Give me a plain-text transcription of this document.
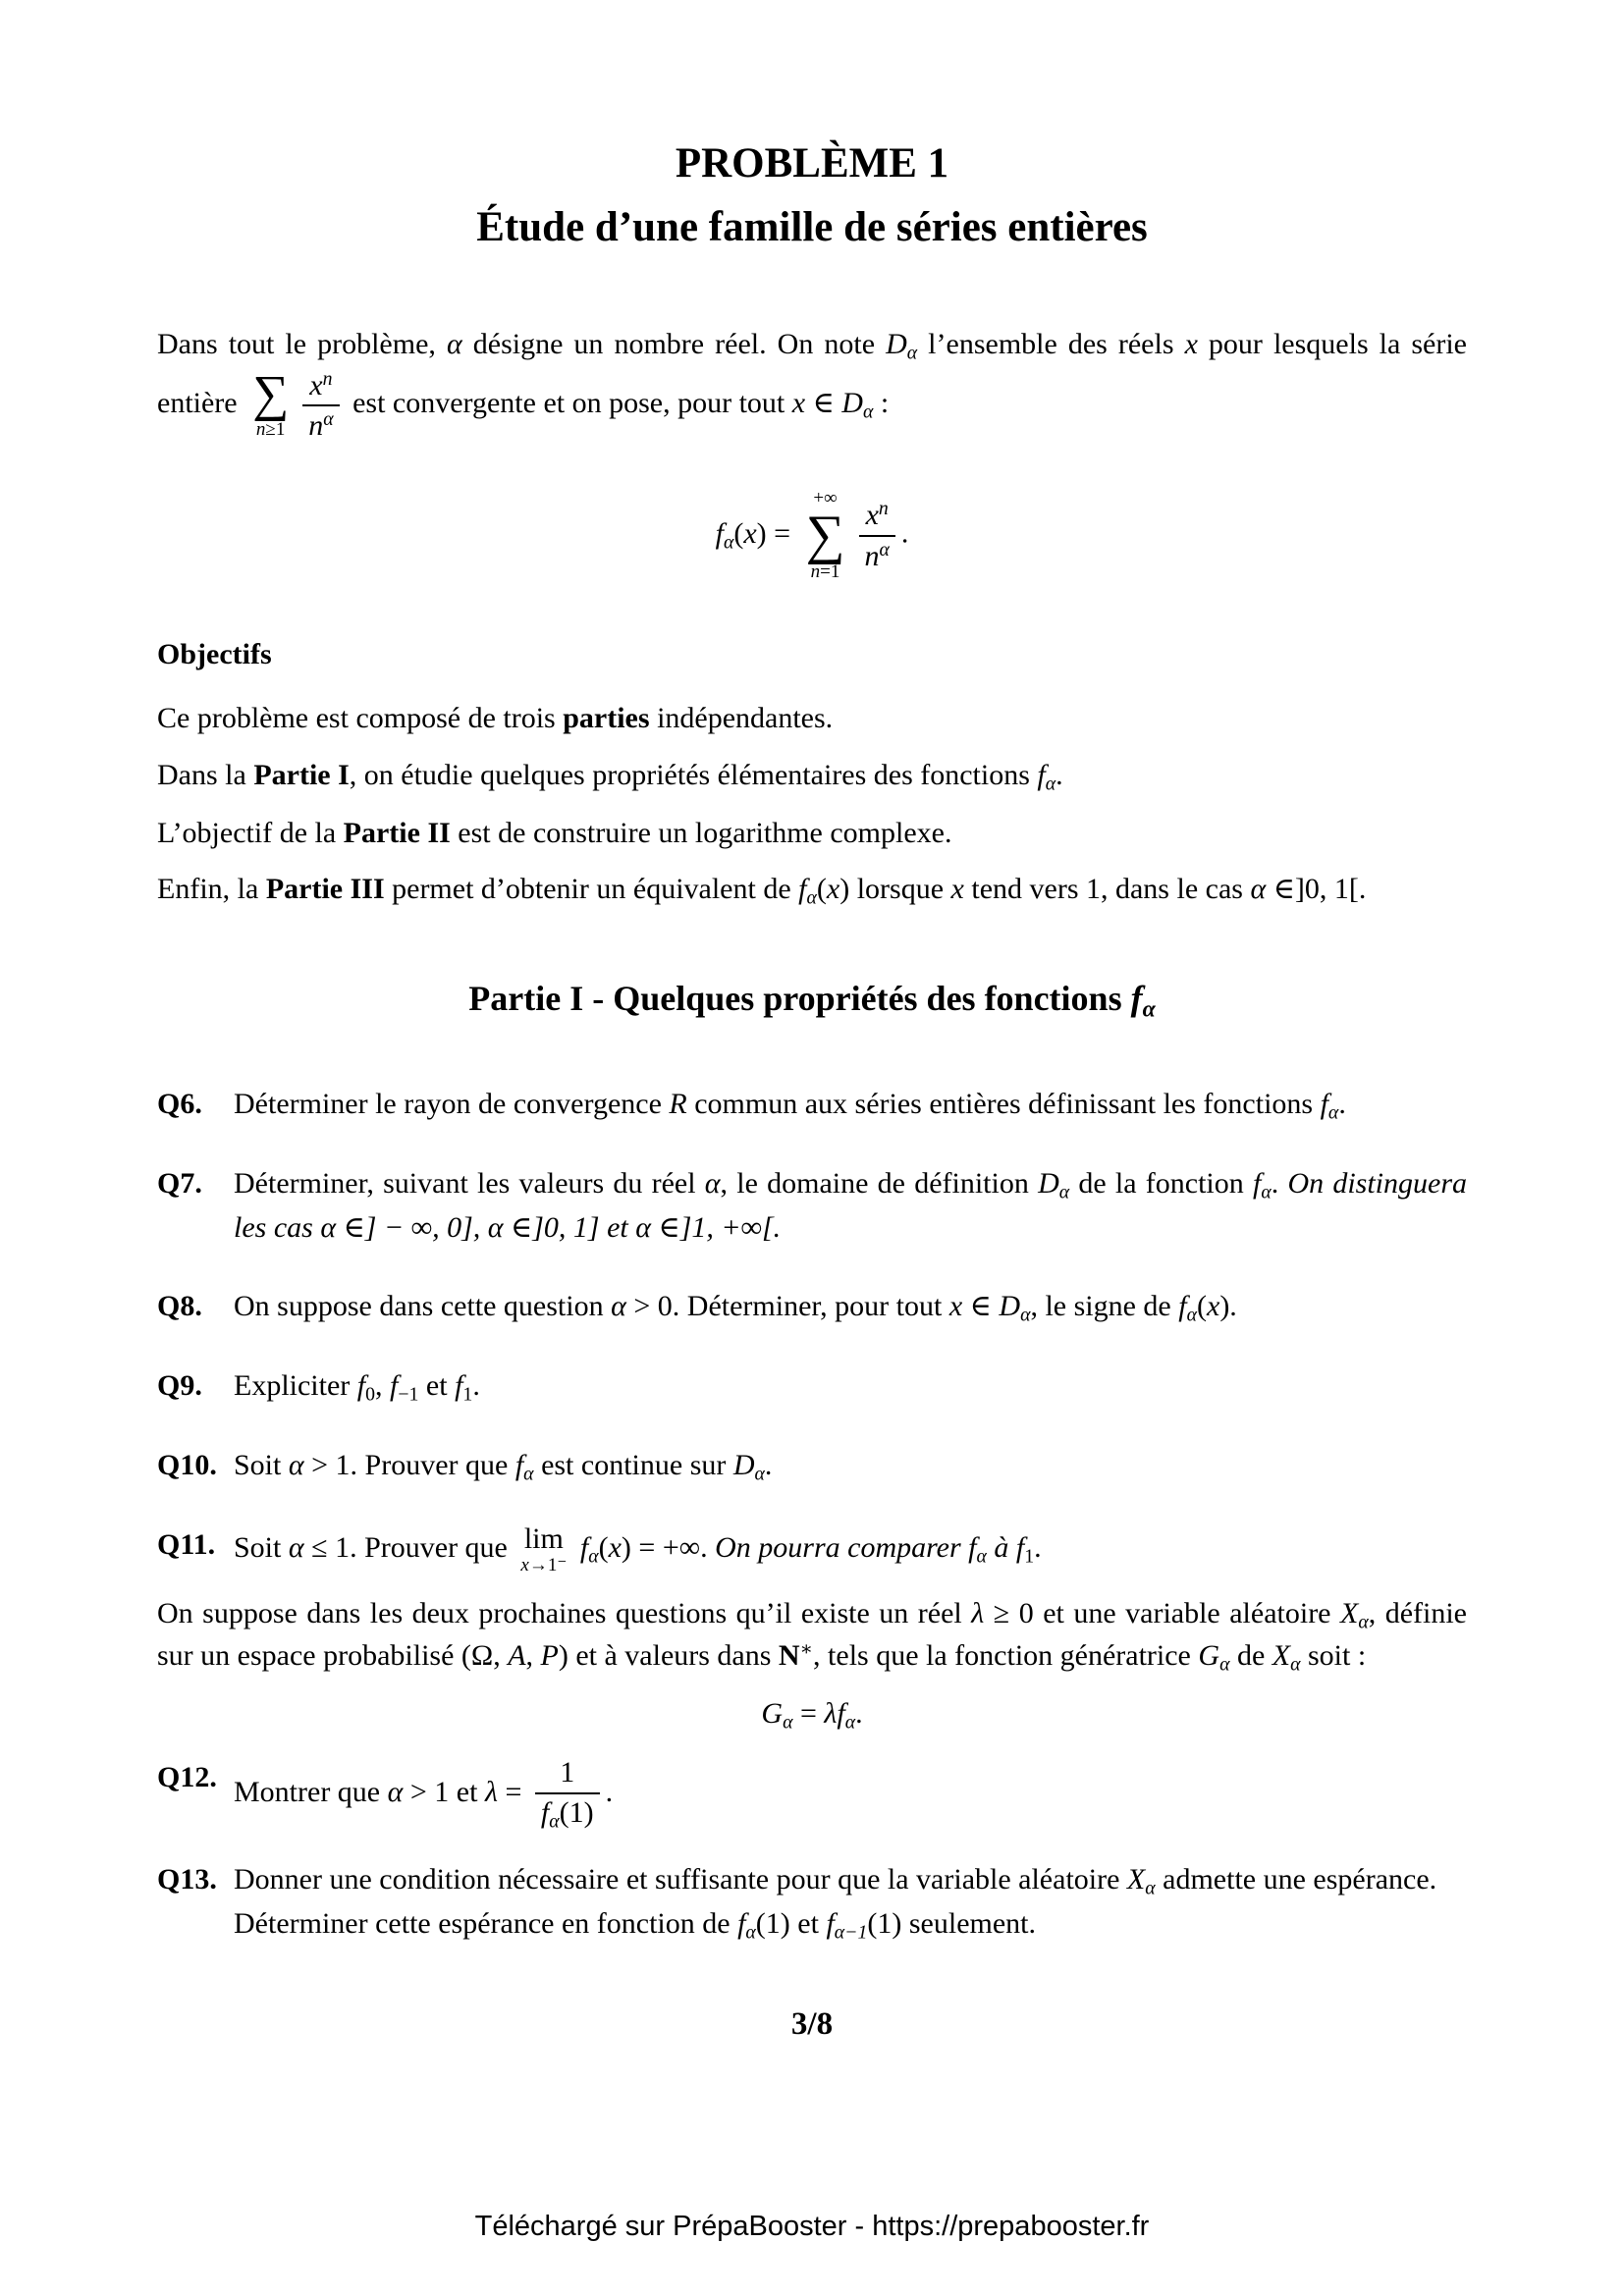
PROBLÈME 1
Étude d’une famille de séries entières

Dans tout le problème, α désigne un nombre réel. On note Dα l’ensemble des réels x pour lesquels la série entière ∑
$n\ge 1 \frac{x^n}{n^\alpha}$ est convergente et on pose, pour tout x ∈ Dα :

fα(x) =
+∞
∑
$n=1 \frac{x^n}{n^\alpha}$ .

Objectifs

Ce problème est composé de trois parties indépendantes.

Dans la Partie I, on étudie quelques propriétés élémentaires des fonctions fα.

L’objectif de la Partie II est de construire un logarithme complexe.

Enfin, la Partie III permet d’obtenir un équivalent de fα(x) lorsque x tend vers 1, dans le cas α ∈]0, 1[.

Partie I - Quelques propriétés des fonctions fα
Q6.	Déterminer le rayon de convergence R commun aux séries entières définissant les fonctions fα.
Q7.	Déterminer, suivant les valeurs du réel α, le domaine de définition Dα de la fonction fα. On distinguera les cas α ∈] − ∞, 0], α ∈]0, 1] et α ∈]1, +∞[.
Q8.	On suppose dans cette question α > 0. Déterminer, pour tout x ∈ Dα, le signe de fα(x).
Q9.	Expliciter f0, f−1 et f1.
Q10. Soit α > 1. Prouver que fα est continue sur Dα.
Q11. Soit α ≤ 1. Prouver que lim
x→1⁻
fα(x) = +∞. On pourra comparer fα à f1.

On suppose dans les deux prochaines questions qu’il existe un réel λ ≥ 0 et une variable aléatoire Xα, définie sur un espace probabilisé (Ω, A, P) et à valeurs dans N∗, tels que la fonction génératrice Gα de Xα soit :

Gα = λfα.
Q12. Montrer que α > 1 et $\lambda = \frac{1}{f\alpha(1)}$ .
Q13. Donner une condition nécessaire et suffisante pour que la variable aléatoire Xα admette une espérance.

Déterminer cette espérance en fonction de fα(1) et fα−1(1) seulement.

3/8
Téléchargé sur PrépaBooster - https://prepabooster.fr
